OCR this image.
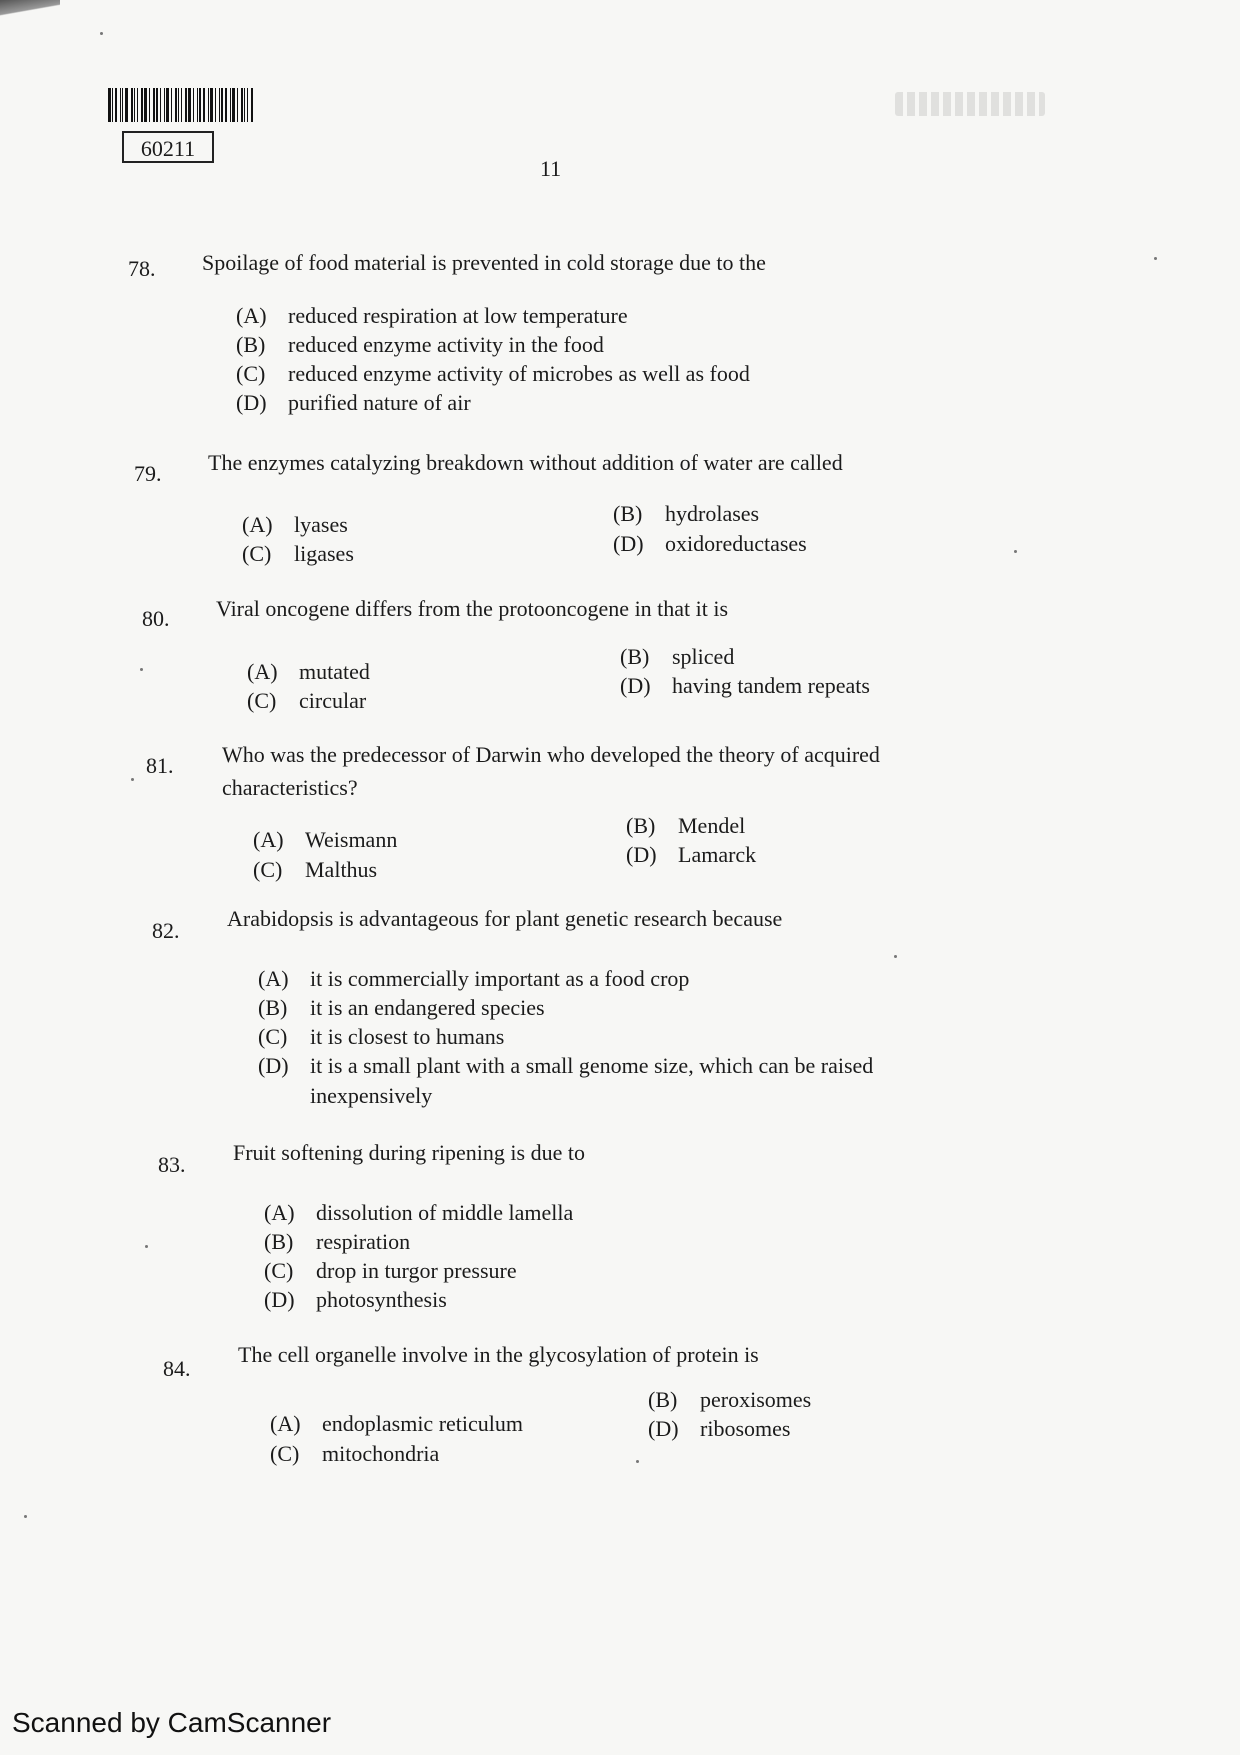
60211
11
78.	Spoilage of food material is prevented in cold storage due to the
(A) reduced respiration at low temperature
(B) reduced enzyme activity in the food
(C) reduced enzyme activity of microbes as well as food
(D) purified nature of air
79.	The enzymes catalyzing breakdown without addition of water are called
(A) lyases	(B) hydrolases
(C) ligases	(D) oxidoreductases
80.	Viral oncogene differs from the protooncogene in that it is
(A) mutated
(B) spliced
(C) circular
(D) having tandem repeats
81.	Who was the predecessor of Darwin who developed the theory of acquired
characteristics?
(A) Weismann
(B) Mendel
(C) Malthus
(D) Lamarck
82.	Arabidopsis is advantageous for plant genetic research because
(A) it is commercially important as a food crop
(B) it is an endangered species
(C) it is closest to humans
(D) it is a small plant with a small genome size, which can be raised
inexpensively
83.	Fruit softening during ripening is due to
(A) dissolution of middle lamella
(B) respiration
(C) drop in turgor pressure
(D) photosynthesis
84.
The cell organelle involve in the glycosylation of protein is
(A) endoplasmic reticulum
(B) peroxisomes
(C) mitochondria
(D) ribosomes
Scanned by CamScanner
